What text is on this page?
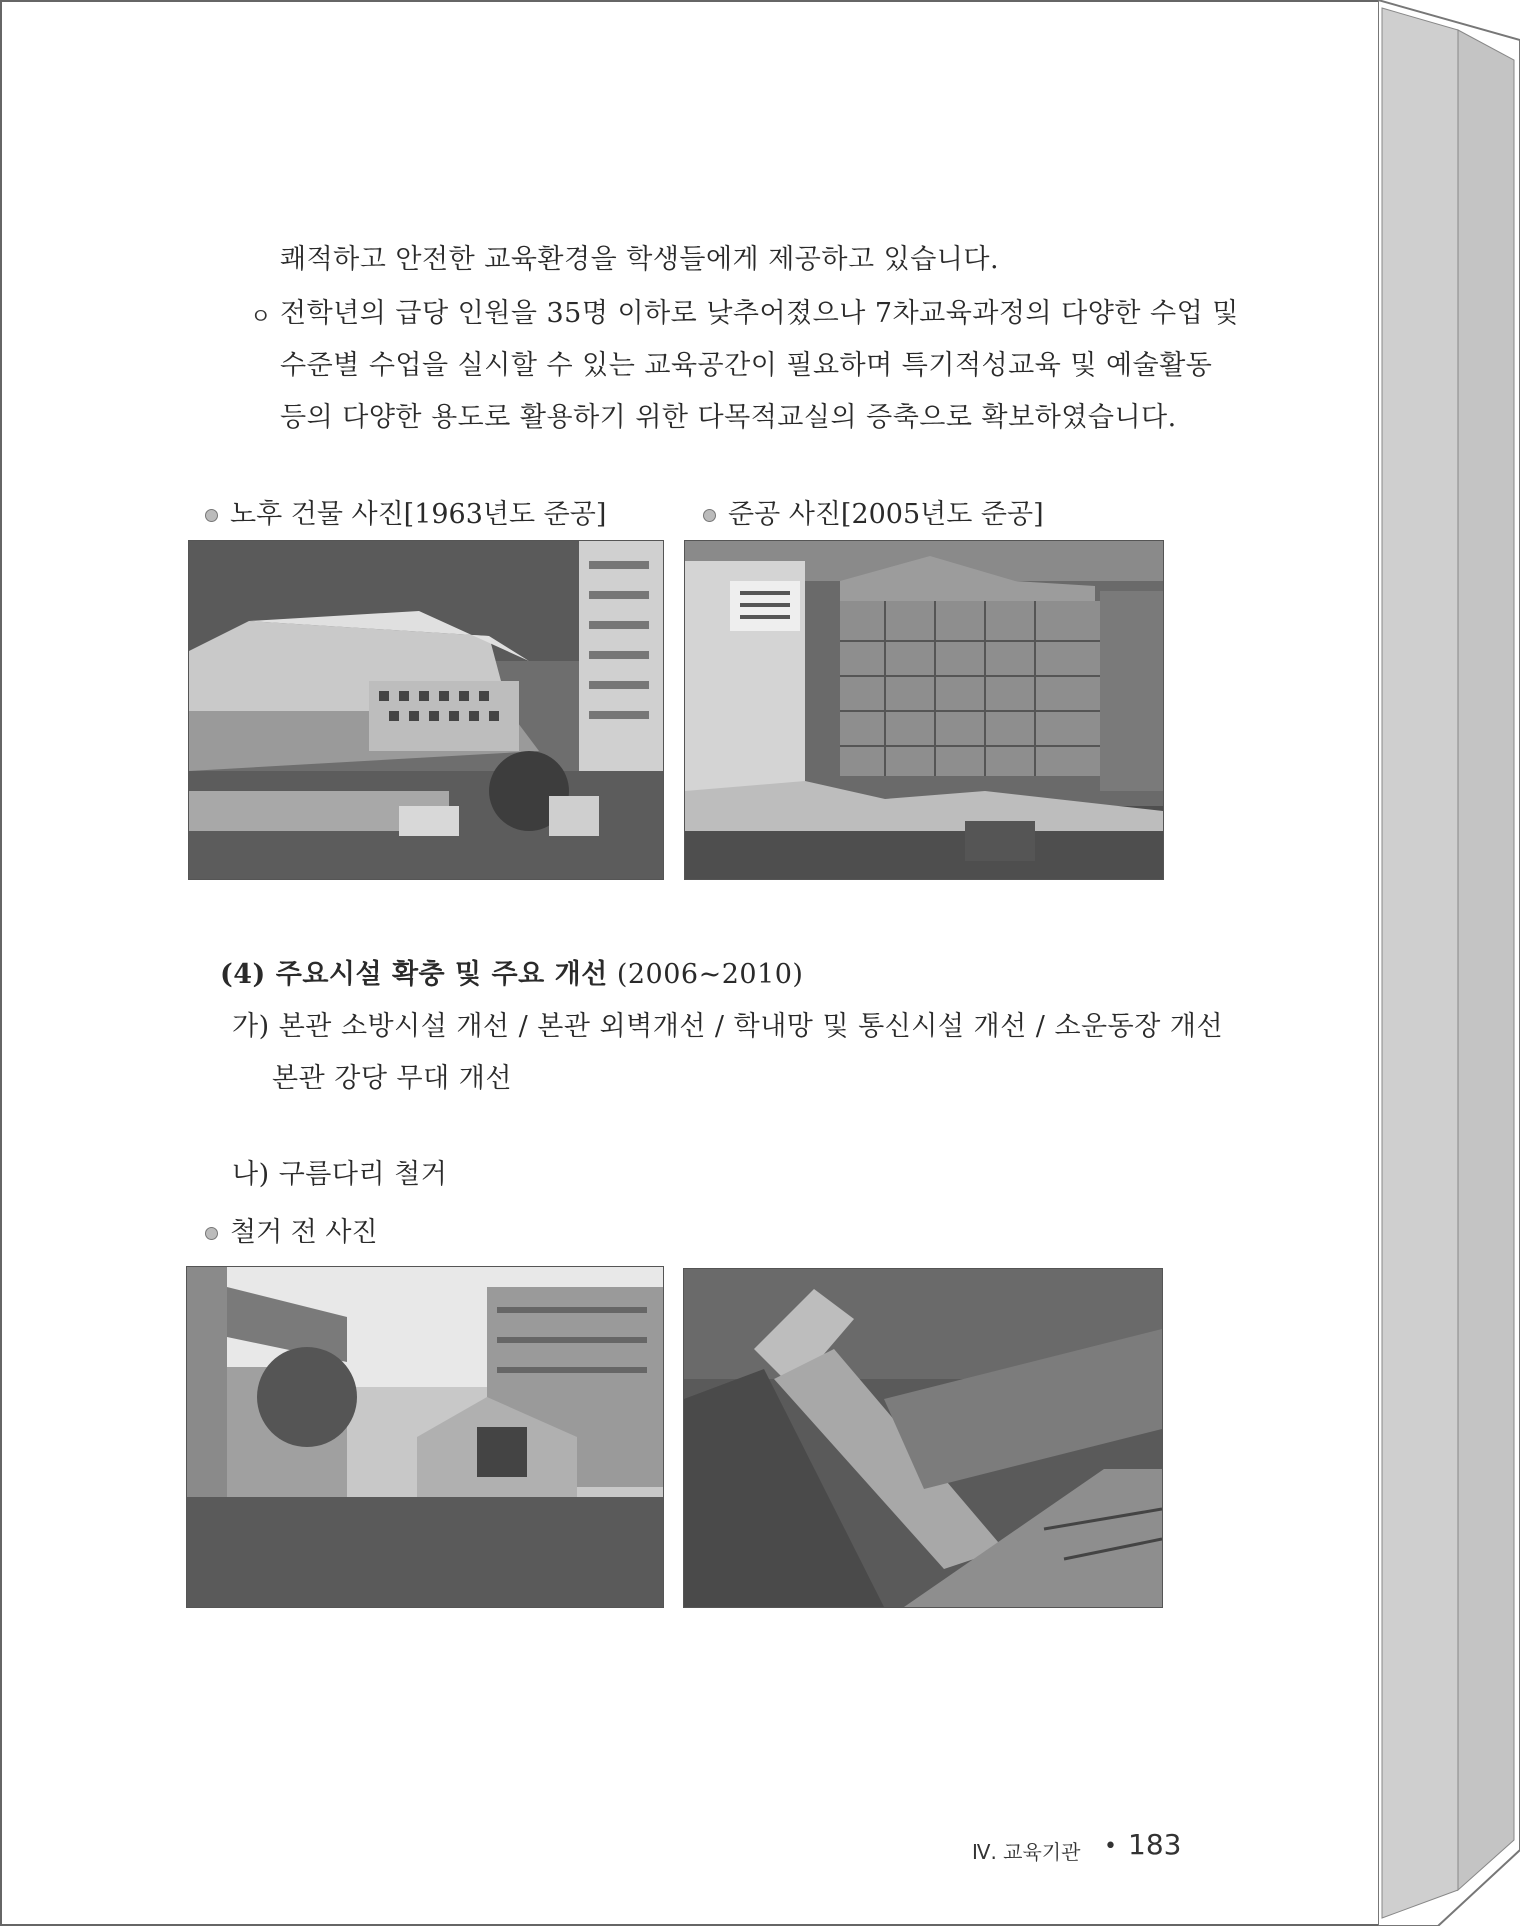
쾌적하고 안전한 교육환경을 학생들에게 제공하고 있습니다.
ㅇ 전학년의 급당 인원을 35명 이하로 낮추어졌으나 7차교육과정의 다양한 수업 및
수준별 수업을 실시할 수 있는 교육공간이 필요하며 특기적성교육 및 예술활동
등의 다양한 용도로 활용하기 위한 다목적교실의 증축으로 확보하였습니다.
노후 건물 사진[1963년도 준공]	준공 사진[2005년도 준공]
(4) 주요시설 확충 및 주요 개선 (2006~2010)
가) 본관 소방시설 개선 / 본관 외벽개선 / 학내망 및 통신시설 개선 / 소운동장 개선
본관 강당 무대 개선
나) 구름다리 철거
철거 전 사진
Ⅳ. 교육기관 • 183
